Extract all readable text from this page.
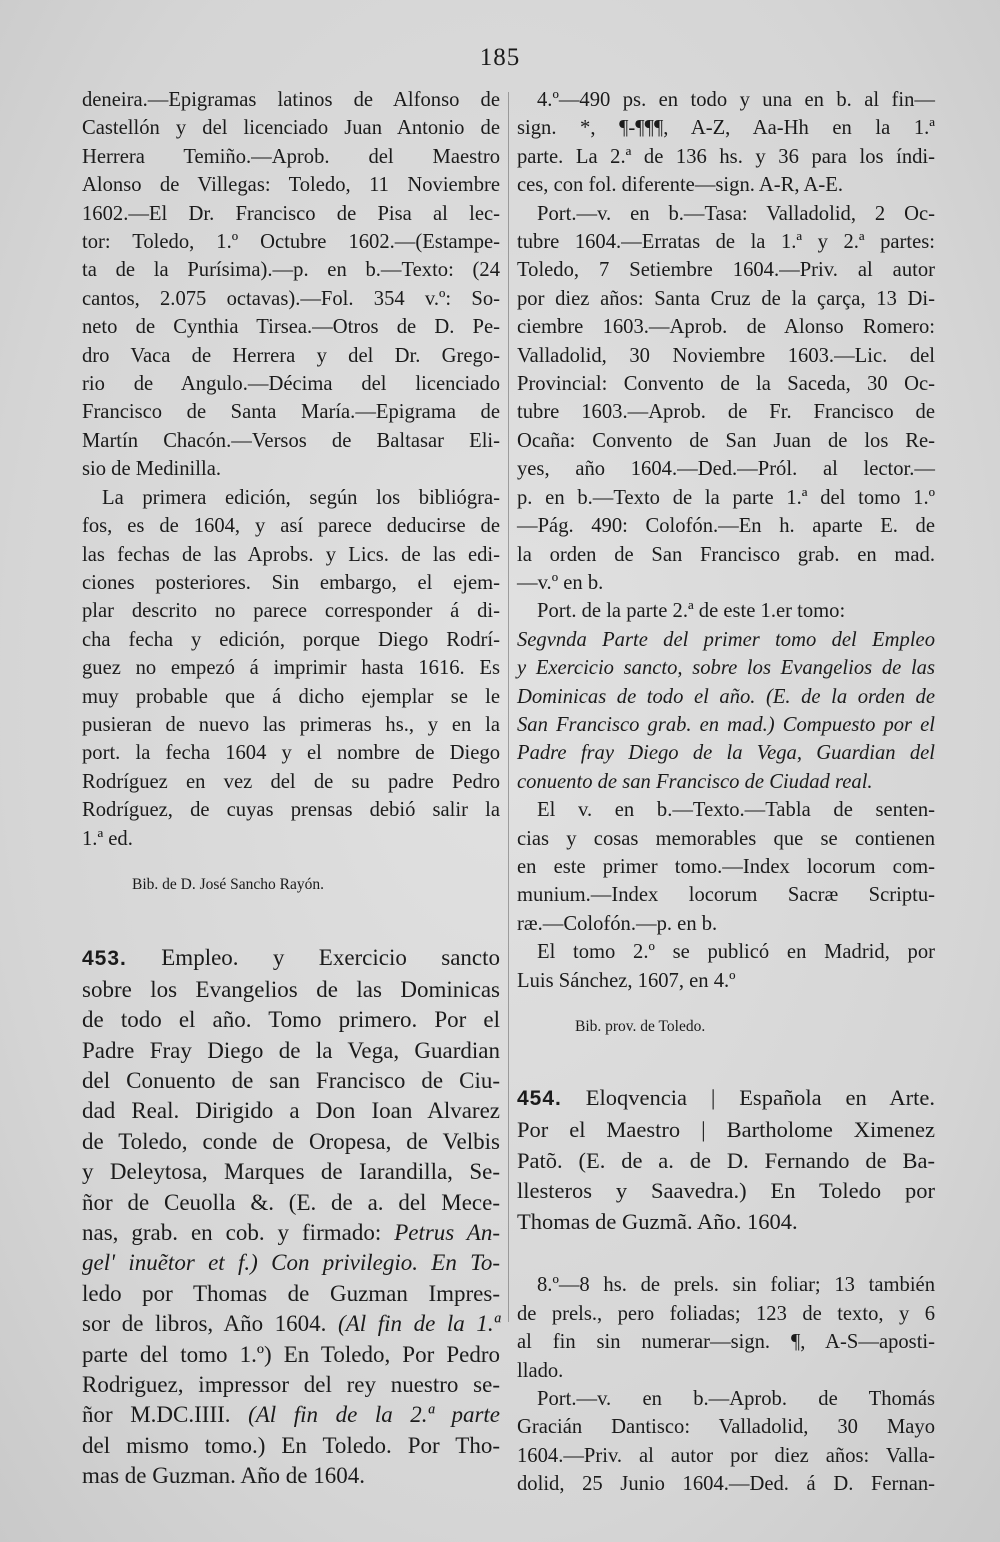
185
deneira.—Epigramas latinos de Alfonso de
Castellón y del licenciado Juan Antonio de
Herrera Temiño.—Aprob. del Maestro
Alonso de Villegas: Toledo, 11 Noviembre
1602.—El Dr. Francisco de Pisa al lec-
tor: Toledo, 1.º Octubre 1602.—(Estampe-
ta de la Purísima).—p. en b.—Texto: (24
cantos, 2.075 octavas).—Fol. 354 v.º: So-
neto de Cynthia Tirsea.—Otros de D. Pe-
dro Vaca de Herrera y del Dr. Grego-
rio de Angulo.—Décima del licenciado
Francisco de Santa María.—Epigrama de
Martín Chacón.—Versos de Baltasar Eli-
sio de Medinilla.
La primera edición, según los bibliógra-
fos, es de 1604, y así parece deducirse de
las fechas de las Aprobs. y Lics. de las edi-
ciones posteriores. Sin embargo, el ejem-
plar descrito no parece corresponder á di-
cha fecha y edición, porque Diego Rodrí-
guez no empezó á imprimir hasta 1616. Es
muy probable que á dicho ejemplar se le
pusieran de nuevo las primeras hs., y en la
port. la fecha 1604 y el nombre de Diego
Rodríguez en vez del de su padre Pedro
Rodríguez, de cuyas prensas debió salir la
1.ª ed.
Bib. de D. José Sancho Rayón.
453. Empleo. y Exercicio sancto
sobre los Evangelios de las Dominicas
de todo el año. Tomo primero. Por el
Padre Fray Diego de la Vega, Guardian
del Conuento de san Francisco de Ciu-
dad Real. Dirigido a Don Ioan Alvarez
de Toledo, conde de Oropesa, de Velbis
y Deleytosa, Marques de Iarandilla, Se-
ñor de Ceuolla &. (E. de a. del Mece-
nas, grab. en cob. y firmado: Petrus An-
gel' inuẽtor et f.) Con privilegio. En To-
ledo por Thomas de Guzman Impres-
sor de libros, Año 1604. (Al fin de la 1.ª
parte del tomo 1.º) En Toledo, Por Pedro
Rodriguez, impressor del rey nuestro se-
ñor M.DC.IIII. (Al fin de la 2.ª parte
del mismo tomo.) En Toledo. Por Tho-
mas de Guzman. Año de 1604.
4.º—490 ps. en todo y una en b. al fin—
sign. *, ¶-¶¶¶, A-Z, Aa-Hh en la 1.ª
parte. La 2.ª de 136 hs. y 36 para los índi-
ces, con fol. diferente—sign. A-R, A-E.
Port.—v. en b.—Tasa: Valladolid, 2 Oc-
tubre 1604.—Erratas de la 1.ª y 2.ª partes:
Toledo, 7 Setiembre 1604.—Priv. al autor
por diez años: Santa Cruz de la çarça, 13 Di-
ciembre 1603.—Aprob. de Alonso Romero:
Valladolid, 30 Noviembre 1603.—Lic. del
Provincial: Convento de la Saceda, 30 Oc-
tubre 1603.—Aprob. de Fr. Francisco de
Ocaña: Convento de San Juan de los Re-
yes, año 1604.—Ded.—Pról. al lector.—
p. en b.—Texto de la parte 1.ª del tomo 1.º
—Pág. 490: Colofón.—En h. aparte E. de
la orden de San Francisco grab. en mad.
—v.º en b.
Port. de la parte 2.ª de este 1.er tomo:
Segvnda Parte del primer tomo del Empleo
y Exercicio sancto, sobre los Evangelios de las
Dominicas de todo el año. (E. de la orden de
San Francisco grab. en mad.) Compuesto por el
Padre fray Diego de la Vega, Guardian del
conuento de san Francisco de Ciudad real.
El v. en b.—Texto.—Tabla de senten-
cias y cosas memorables que se contienen
en este primer tomo.—Index locorum com-
munium.—Index locorum Sacræ Scriptu-
ræ.—Colofón.—p. en b.
El tomo 2.º se publicó en Madrid, por
Luis Sánchez, 1607, en 4.º
Bib. prov. de Toledo.
454. Eloqvencia | Española en Arte.
Por el Maestro | Bartholome Ximenez
Patõ. (E. de a. de D. Fernando de Ba-
llesteros y Saavedra.) En Toledo por
Thomas de Guzmã. Año. 1604.
8.º—8 hs. de prels. sin foliar; 13 también
de prels., pero foliadas; 123 de texto, y 6
al fin sin numerar—sign. ¶, A-S—aposti-
llado.
Port.—v. en b.—Aprob. de Thomás
Gracián Dantisco: Valladolid, 30 Mayo
1604.—Priv. al autor por diez años: Valla-
dolid, 25 Junio 1604.—Ded. á D. Fernan-
